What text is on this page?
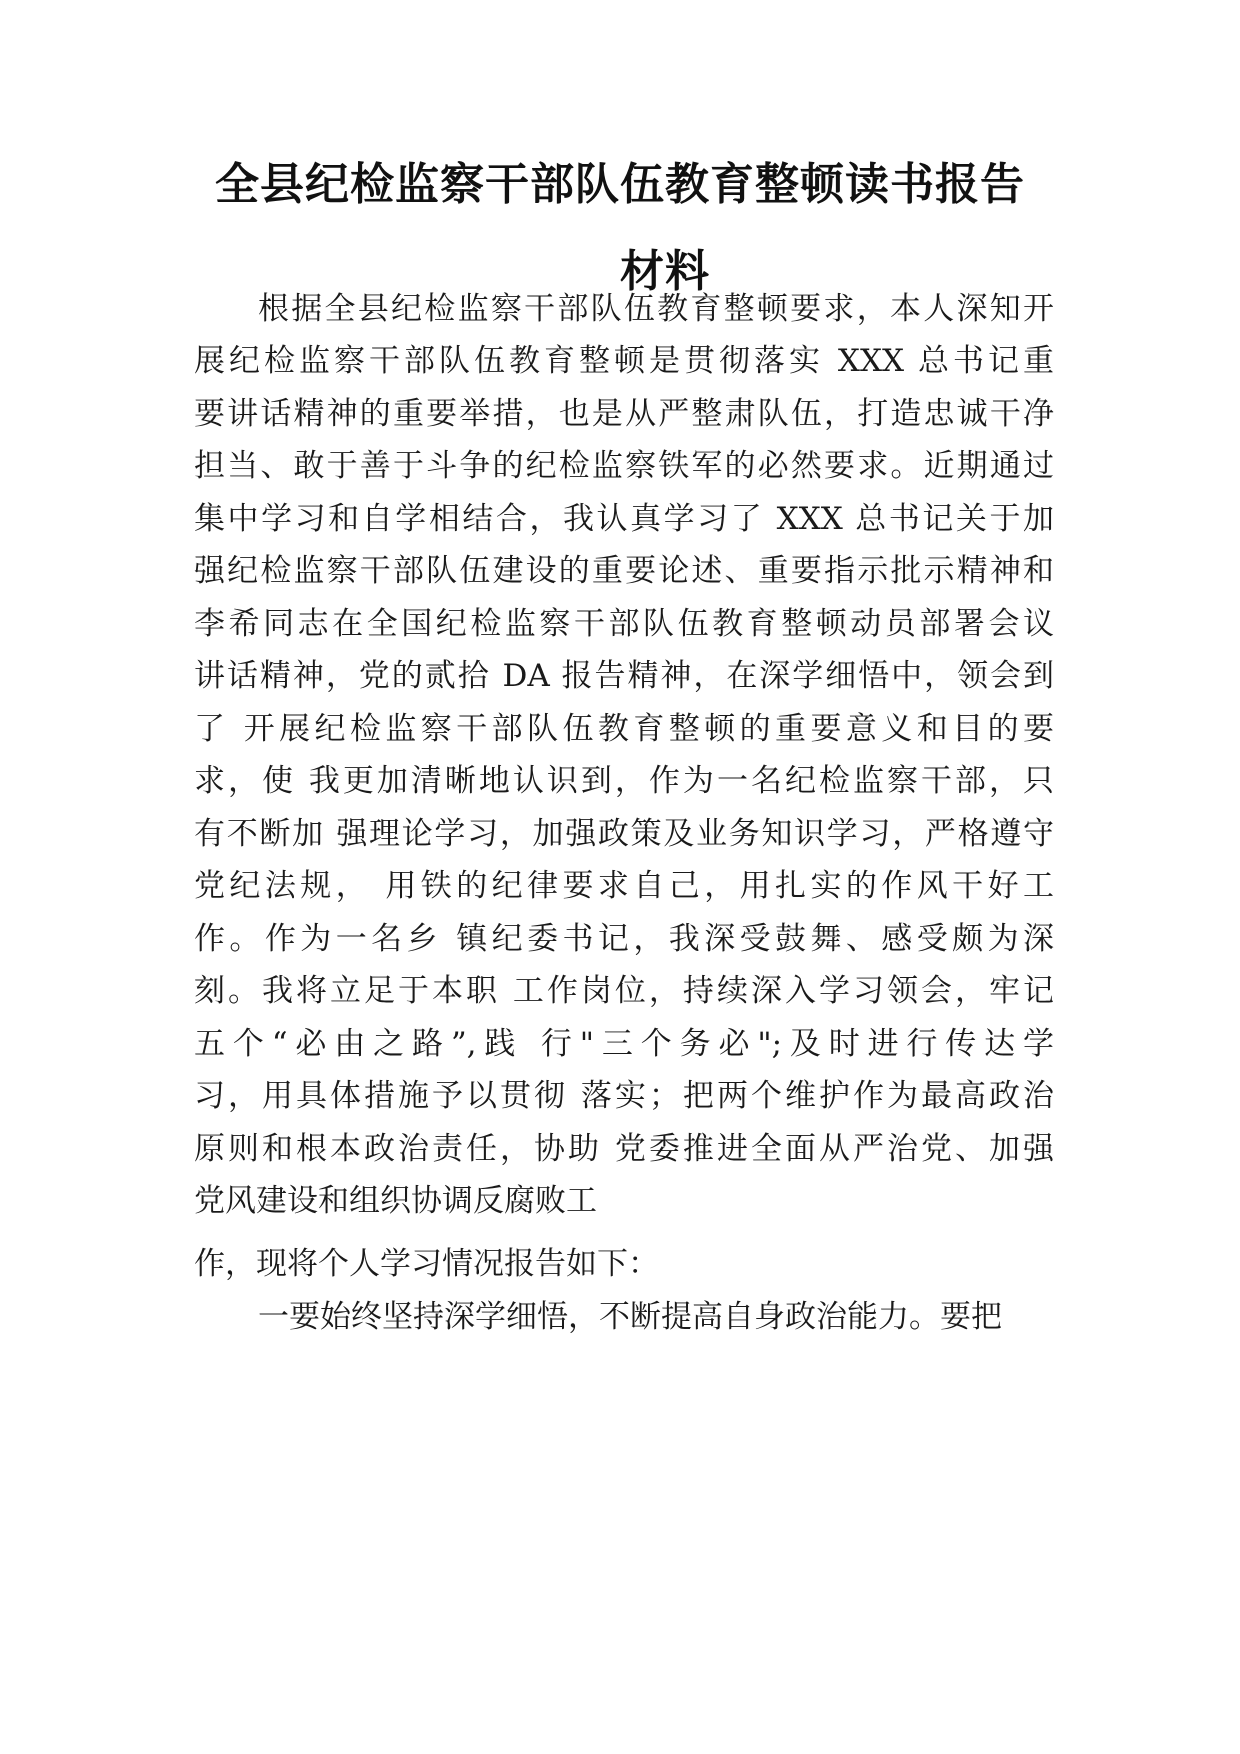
全县纪检监察干部队伍教育整顿读书报告
材料
根据全县纪检监察干部队伍教育整顿要求，本人深知开
展纪检监察干部队伍教育整顿是贯彻落实 XXX 总书记重
要讲话精神的重要举措，也是从严整肃队伍，打造忠诚干净
担当、敢于善于斗争的纪检监察铁军的必然要求。近期通过
集中学习和自学相结合，我认真学习了 XXX 总书记关于加
强纪检监察干部队伍建设的重要论述、重要指示批示精神和
李希同志在全国纪检监察干部队伍教育整顿动员部署会议
讲话精神，党的贰拾 DA 报告精神，在深学细悟中，领会到
了 开展纪检监察干部队伍教育整顿的重要意义和目的要
求，使 我更加清晰地认识到，作为一名纪检监察干部，只
有不断加 强理论学习，加强政策及业务知识学习，严格遵守
党纪法规， 用铁的纪律要求自己，用扎实的作风干好工
作。作为一名乡 镇纪委书记，我深受鼓舞、感受颇为深
刻。我将立足于本职 工作岗位，持续深入学习领会，牢记
五个“必由之路”,践 行"三个务必";及时进行传达学
习，用具体措施予以贯彻 落实；把两个维护作为最高政治
原则和根本政治责任，协助 党委推进全面从严治党、加强
党风建设和组织协调反腐败工
作，现将个人学习情况报告如下：
一要始终坚持深学细悟，不断提高自身政治能力。要把
